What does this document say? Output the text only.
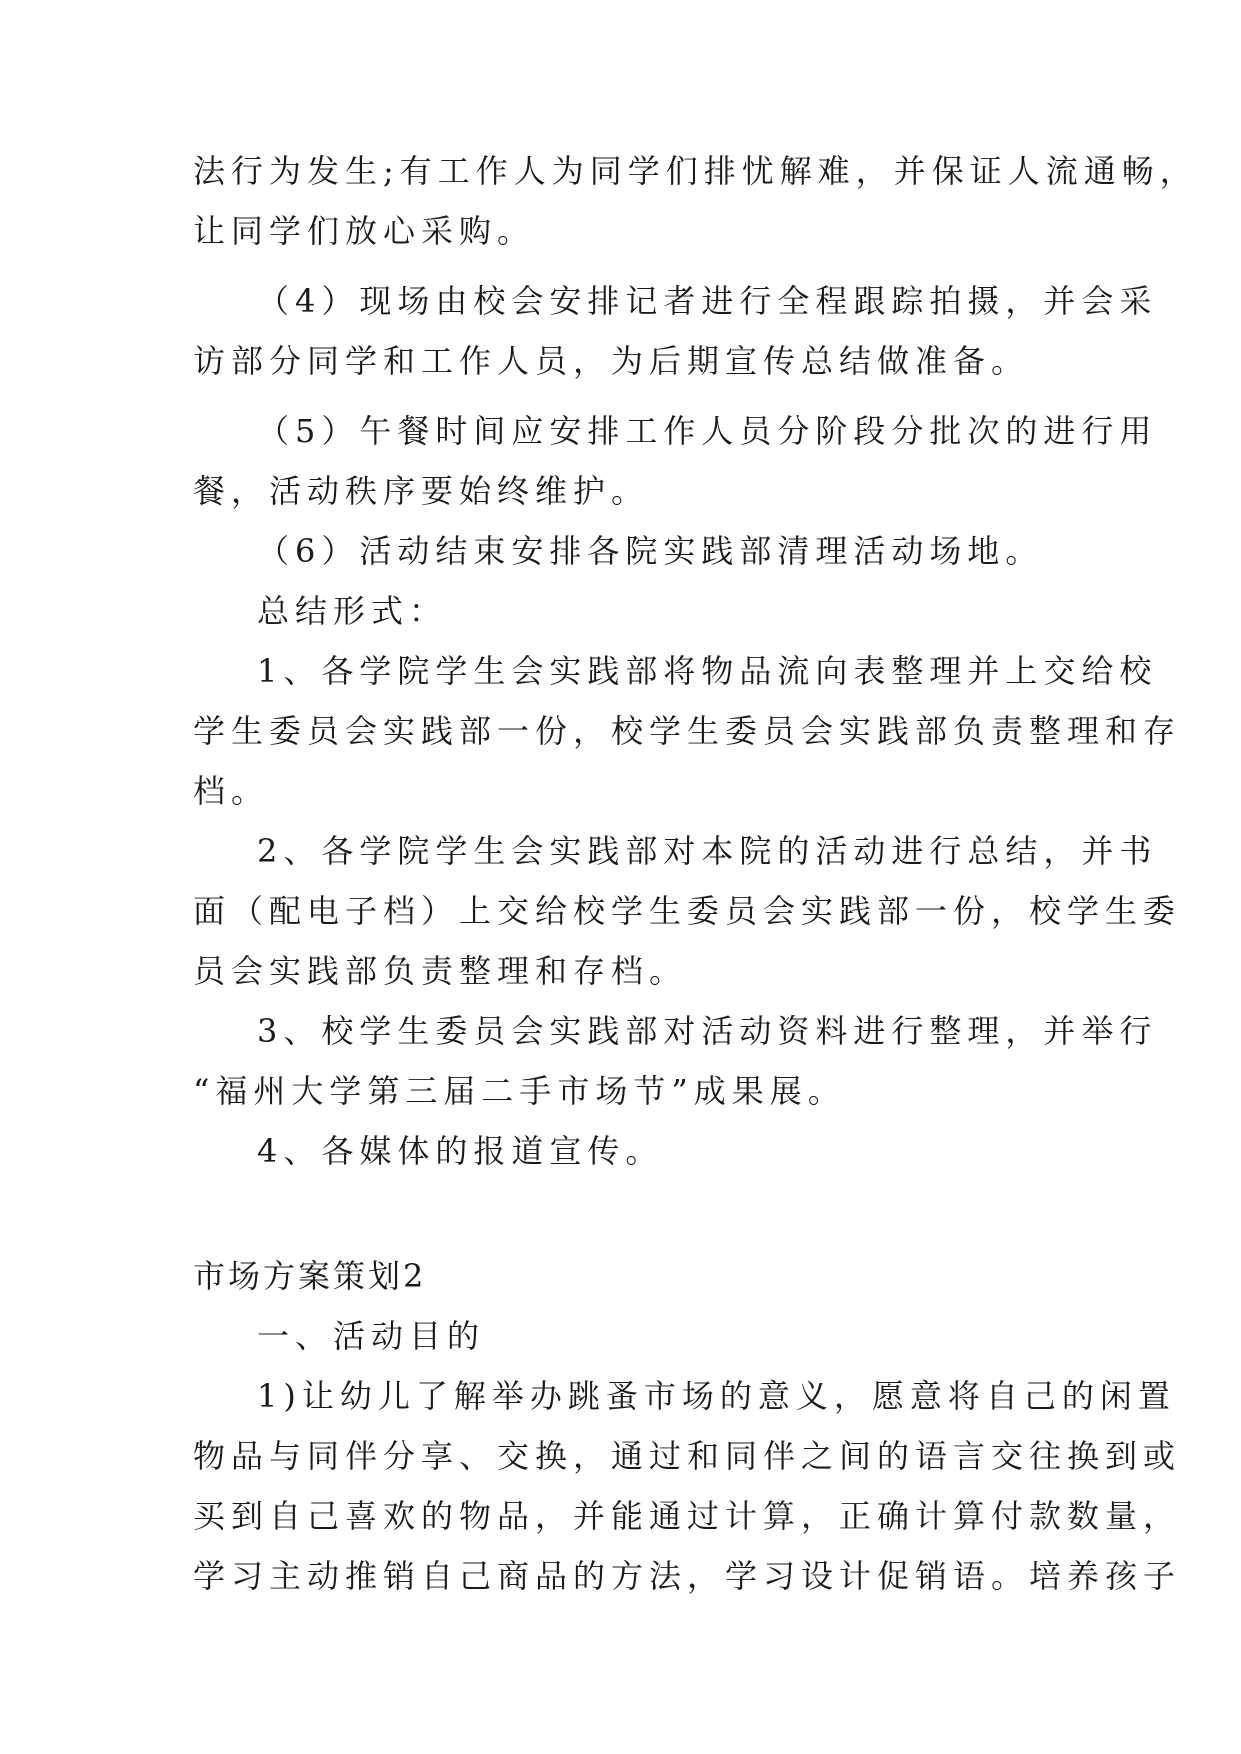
法行为发生;有工作人为同学们排忧解难，并保证人流通畅，
让同学们放心采购。
（4）现场由校会安排记者进行全程跟踪拍摄，并会采
访部分同学和工作人员，为后期宣传总结做准备。
（5）午餐时间应安排工作人员分阶段分批次的进行用
餐，活动秩序要始终维护。
（6）活动结束安排各院实践部清理活动场地。
总结形式：
1、各学院学生会实践部将物品流向表整理并上交给校
学生委员会实践部一份，校学生委员会实践部负责整理和存
档。
2、各学院学生会实践部对本院的活动进行总结，并书
面（配电子档）上交给校学生委员会实践部一份，校学生委
员会实践部负责整理和存档。
3、校学生委员会实践部对活动资料进行整理，并举行
“福州大学第三届二手市场节”成果展。
4、各媒体的报道宣传。
市场方案策划2
一、活动目的
1)让幼儿了解举办跳蚤市场的意义，愿意将自己的闲置
物品与同伴分享、交换，通过和同伴之间的语言交往换到或
买到自己喜欢的物品，并能通过计算，正确计算付款数量，
学习主动推销自己商品的方法，学习设计促销语。培养孩子
